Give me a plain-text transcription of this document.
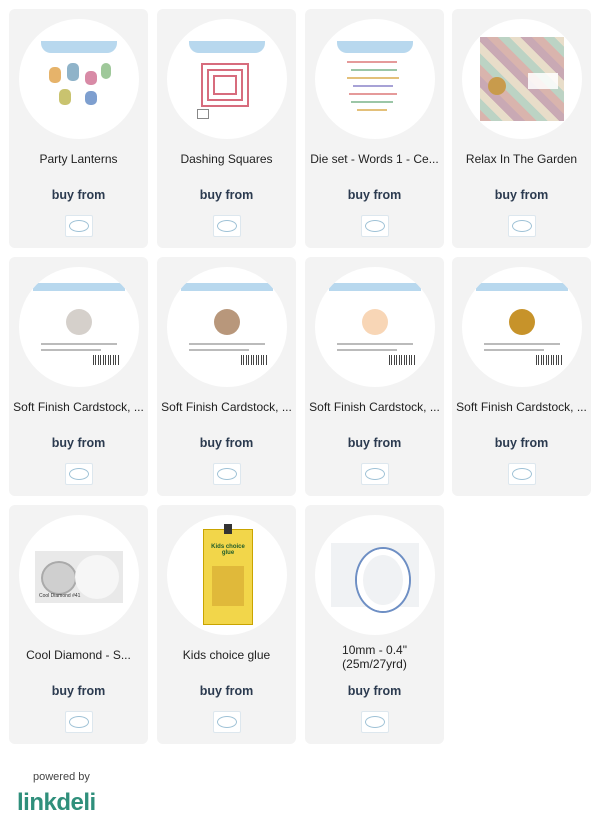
Party Lanterns
buy from
Dashing Squares
buy from
Die set - Words 1 - Ce...
buy from
Relax In The Garden
buy from
Soft Finish Cardstock, ...
buy from
Soft Finish Cardstock, ...
buy from
Soft Finish Cardstock, ...
buy from
Soft Finish Cardstock, ...
buy from
Cool Diamond #41
Cool Diamond - S...
buy from
Kids choice glue
Kids choice glue
buy from
10mm - 0.4" (25m/27yrd)
buy from
powered by
linkdeli
